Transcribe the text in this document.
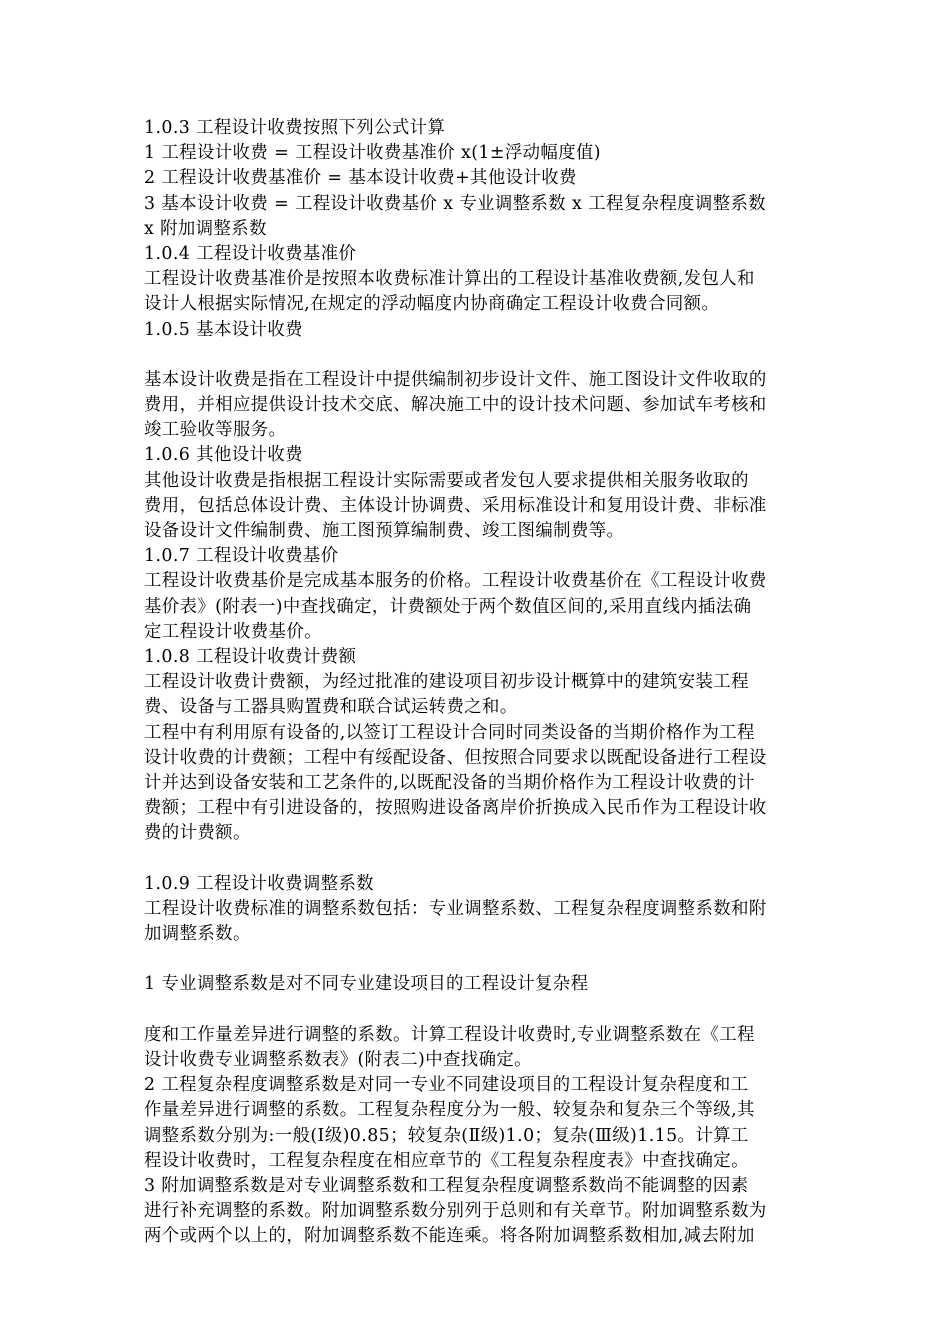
1.0.3 工程设计收费按照下列公式计算
1 工程设计收费 = 工程设计收费基准价 x(1±浮动幅度值)
2 工程设计收费基准价 = 基本设计收费+其他设计收费
3 基本设计收费 = 工程设计收费基价 x 专业调整系数 x 工程复杂程度调整系数
x 附加调整系数
1.0.4 工程设计收费基准价
工程设计收费基准价是按照本收费标准计算出的工程设计基准收费额,发包人和
设计人根据实际情况,在规定的浮动幅度内协商确定工程设计收费合同额。
1.0.5 基本设计收费
基本设计收费是指在工程设计中提供编制初步设计文件、施工图设计文件收取的
费用，并相应提供设计技术交底、解决施工中的设计技术问题、参加试车考核和
竣工验收等服务。
1.0.6 其他设计收费
其他设计收费是指根据工程设计实际需要或者发包人要求提供相关服务收取的
费用，包括总体设计费、主体设计协调费、采用标准设计和复用设计费、非标准
设备设计文件编制费、施工图预算编制费、竣工图编制费等。
1.0.7 工程设计收费基价
工程设计收费基价是完成基本服务的价格。工程设计收费基价在《工程设计收费
基价表》(附表一)中查找确定，计费额处于两个数值区间的,采用直线内插法确
定工程设计收费基价。
1.0.8 工程设计收费计费额
工程设计收费计费额，为经过批准的建设项目初步设计概算中的建筑安装工程
费、设备与工器具购置费和联合试运转费之和。
工程中有利用原有设备的,以签订工程设计合同时同类设备的当期价格作为工程
设计收费的计费额；工程中有绥配设备、但按照合同要求以既配设备进行工程设
计并达到设备安装和工艺条件的,以既配没备的当期价格作为工程设计收费的计
费额；工程中有引进设备的，按照购进设备离岸价折换成入民币作为工程设计收
费的计费额。
1.0.9 工程设计收费调整系数
工程设计收费标准的调整系数包括：专业调整系数、工程复杂程度调整系数和附
加调整系数。
1 专业调整系数是对不同专业建设项目的工程设计复杂程
度和工作量差异进行调整的系数。计算工程设计收费时,专业调整系数在《工程
设计收费专业调整系数表》(附表二)中查找确定。
2 工程复杂程度调整系数是对同一专业不同建设项目的工程设计复杂程度和工
作量差异进行调整的系数。工程复杂程度分为一般、较复杂和复杂三个等级,其
调整系数分别为:一般(Ⅰ级)0.85；较复杂(Ⅱ级)1.0；复杂(Ⅲ级)1.15。计算工
程设计收费时，工程复杂程度在相应章节的《工程复杂程度表》中查找确定。
3 附加调整系数是对专业调整系数和工程复杂程度调整系数尚不能调整的因素
进行补充调整的系数。附加调整系数分别列于总则和有关章节。附加调整系数为
两个或两个以上的，附加调整系数不能连乘。将各附加调整系数相加,减去附加
